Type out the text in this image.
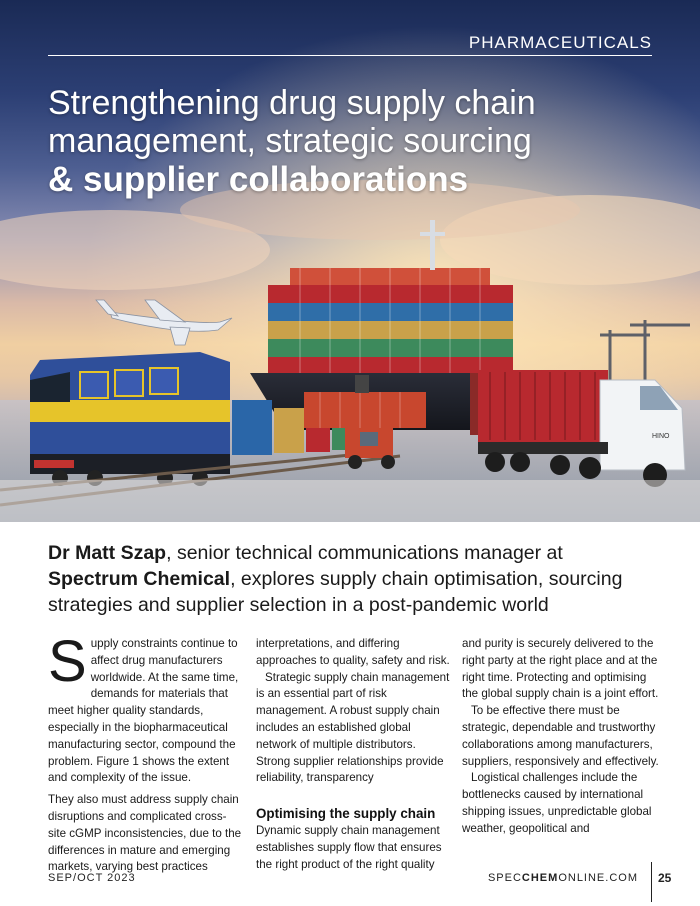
HINO
PHARMACEUTICALS
Strengthening drug supply chain
management, strategic sourcing
& supplier collaborations
Dr Matt Szap, senior technical communications manager at Spectrum Chemical, explores supply chain optimisation, sourcing strategies and supplier selection in a post-pandemic world

Supply constraints continue to affect drug manufacturers worldwide. At the same time, demands for materials that meet higher quality standards, especially in the biopharmaceutical manufacturing sector, compound the problem. Figure 1 shows the extent and complexity of the issue.

They also must address supply chain disruptions and complicated cross-site cGMP inconsistencies, due to the differences in mature and emerging markets, varying best practices

interpretations, and differing approaches to quality, safety and risk.

Strategic supply chain management is an essential part of risk management. A robust supply chain includes an established global network of multiple distributors. Strong supplier relationships provide reliability, transparency

Optimising the supply chain

Dynamic supply chain management establishes supply flow that ensures the right product of the right quality

and purity is securely delivered to the right party at the right place and at the right time. Protecting and optimising the global supply chain is a joint effort.

To be effective there must be strategic, dependable and trustworthy collaborations among manufacturers, suppliers, responsively and effectively.

Logistical challenges include the bottlenecks caused by international shipping issues, unpredictable global weather, geopolitical and

SEP/OCT 2023	SPECCHEMONLINE.COM 25
